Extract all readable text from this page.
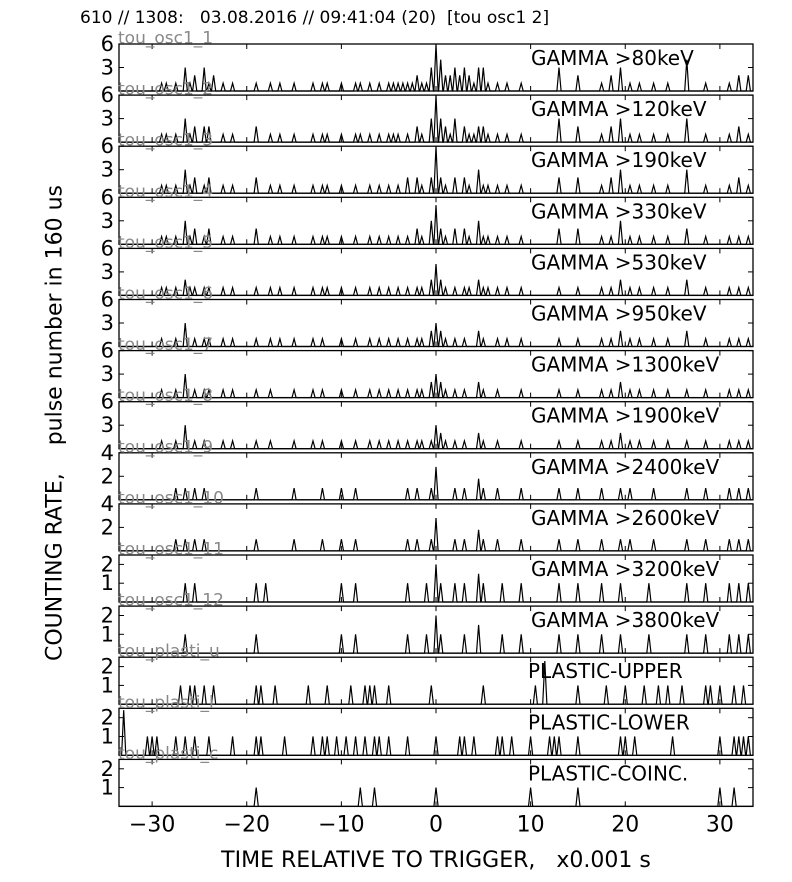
3
6
GAMMA >80keV
tou_osc1_1
3
6
GAMMA >120keV
tou_osc1_2
3
6
GAMMA >190keV
tou_osc1_3
3
6
GAMMA >330keV
tou_osc1_4
3
6
GAMMA >530keV
tou_osc1_5
3
6
GAMMA >950keV
tou_osc1_6
3
6
GAMMA >1300keV
tou_osc1_7
3
6
GAMMA >1900keV
tou_osc1_8
2
4
GAMMA >2400keV
tou_osc1_9
2
4
GAMMA >2600keV
tou_osc1_10
1
2	GAMMA >3200keV
tou_osc1_11
1
2	GAMMA >3800keV
tou_osc1_12
1
2	PLASTIC-UPPER
tou_plasti_u
1
2	PLASTIC-LOWER
tou_plasti_l
1
2	PLASTIC-COINC.
tou_plasti_c
−30 −20 −10	0	10	20	30
610 // 1308:   03.08.2016 // 09:41:04 (20)  [tou osc1 2]
COUNTING RATE,    pulse number in 160 us
TIME RELATIVE TO TRIGGER,   x0.001 s
